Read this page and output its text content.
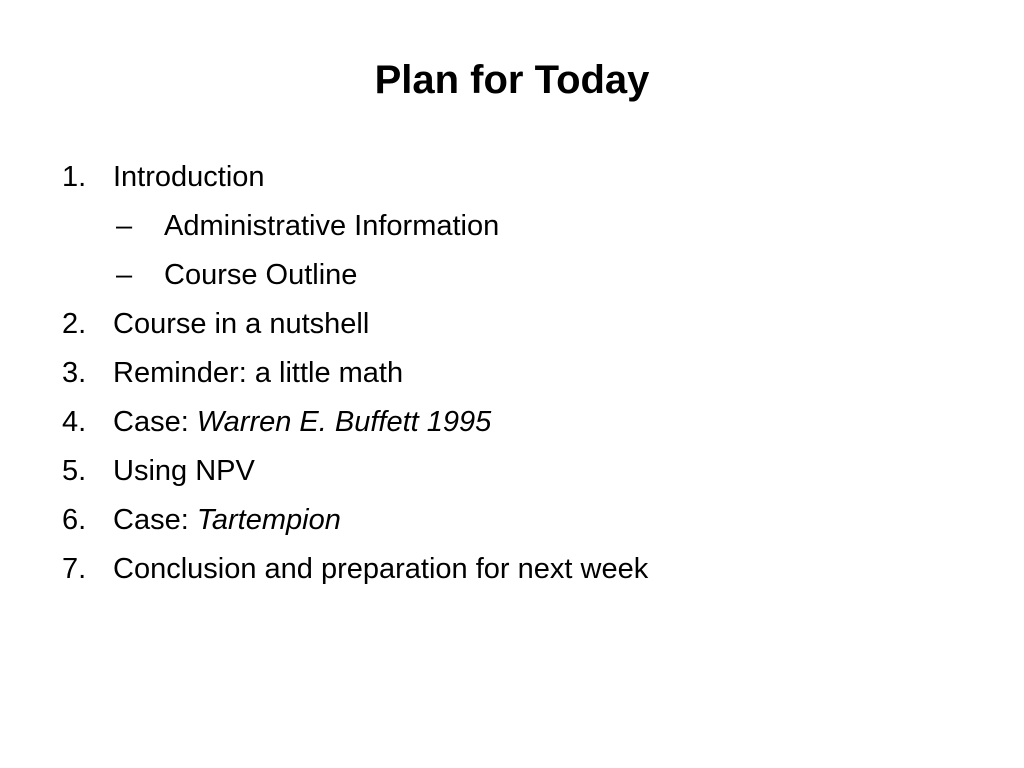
Plan for Today
1. Introduction
– Administrative Information
– Course Outline
2. Course in a nutshell
3. Reminder: a little math
4. Case: Warren E. Buffett 1995
5. Using NPV
6. Case: Tartempion
7. Conclusion and preparation for next week
